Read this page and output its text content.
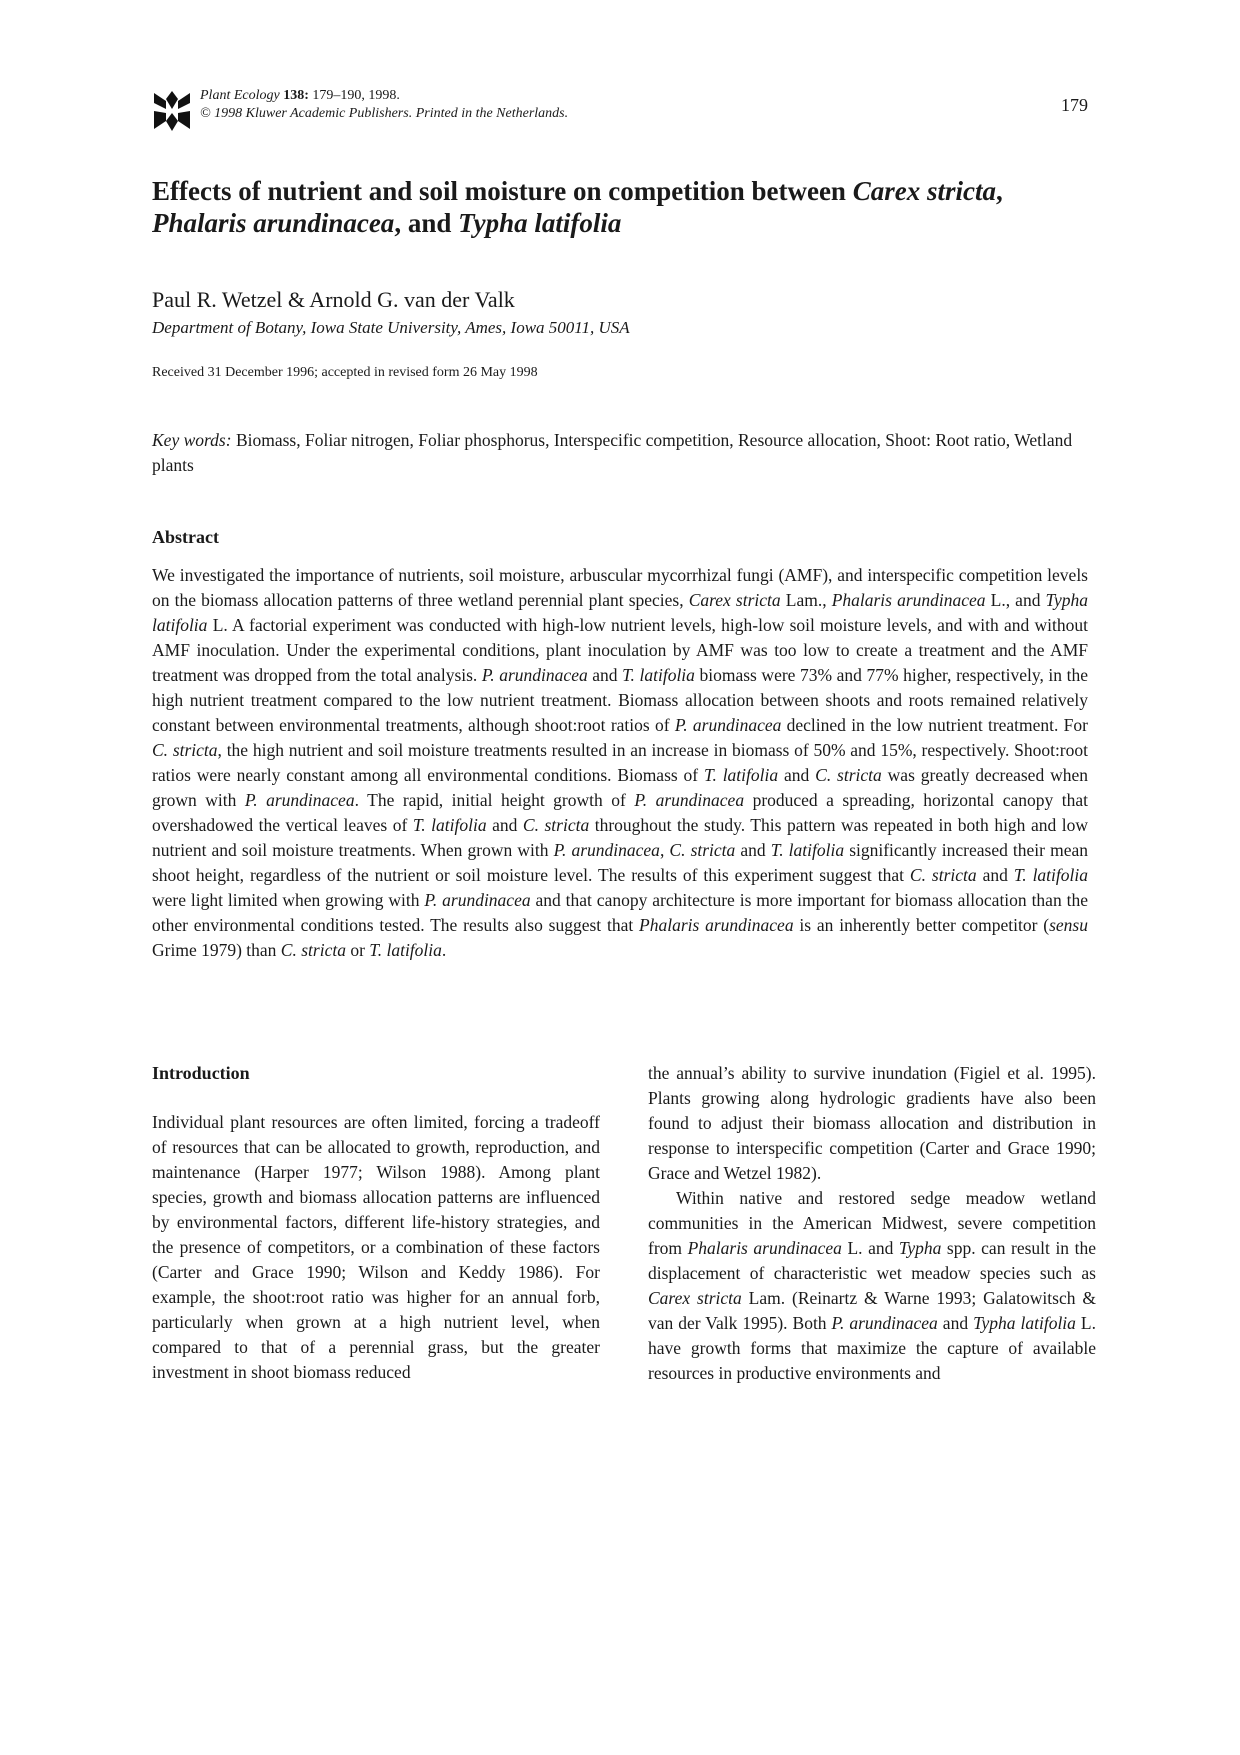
Plant Ecology 138: 179–190, 1998.
© 1998 Kluwer Academic Publishers. Printed in the Netherlands.	179
Effects of nutrient and soil moisture on competition between Carex stricta, Phalaris arundinacea, and Typha latifolia
Paul R. Wetzel & Arnold G. van der Valk
Department of Botany, Iowa State University, Ames, Iowa 50011, USA
Received 31 December 1996; accepted in revised form 26 May 1998
Key words: Biomass, Foliar nitrogen, Foliar phosphorus, Interspecific competition, Resource allocation, Shoot: Root ratio, Wetland plants
Abstract

We investigated the importance of nutrients, soil moisture, arbuscular mycorrhizal fungi (AMF), and interspecific competition levels on the biomass allocation patterns of three wetland perennial plant species, Carex stricta Lam., Phalaris arundinacea L., and Typha latifolia L. A factorial experiment was conducted with high-low nutrient levels, high-low soil moisture levels, and with and without AMF inoculation. Under the experimental conditions, plant inoculation by AMF was too low to create a treatment and the AMF treatment was dropped from the total analysis. P. arundinacea and T. latifolia biomass were 73% and 77% higher, respectively, in the high nutrient treatment compared to the low nutrient treatment. Biomass allocation between shoots and roots remained relatively constant between environmental treatments, although shoot:root ratios of P. arundinacea declined in the low nutrient treatment. For C. stricta, the high nutrient and soil moisture treatments resulted in an increase in biomass of 50% and 15%, respectively. Shoot:root ratios were nearly constant among all environmental conditions. Biomass of T. latifolia and C. stricta was greatly decreased when grown with P. arundinacea. The rapid, initial height growth of P. arundinacea produced a spreading, horizontal canopy that overshadowed the vertical leaves of T. latifolia and C. stricta throughout the study. This pattern was repeated in both high and low nutrient and soil moisture treatments. When grown with P. arundinacea, C. stricta and T. latifolia significantly increased their mean shoot height, regardless of the nutrient or soil moisture level. The results of this experiment suggest that C. stricta and T. latifolia were light limited when growing with P. arundinacea and that canopy architecture is more important for biomass allocation than the other environmental conditions tested. The results also suggest that Phalaris arundinacea is an inherently better competitor (sensu Grime 1979) than C. stricta or T. latifolia.

Introduction

Individual plant resources are often limited, forcing a tradeoff of resources that can be allocated to growth, reproduction, and maintenance (Harper 1977; Wilson 1988). Among plant species, growth and biomass allocation patterns are influenced by environmental factors, different life-history strategies, and the presence of competitors, or a combination of these factors (Carter and Grace 1990; Wilson and Keddy 1986). For example, the shoot:root ratio was higher for an annual forb, particularly when grown at a high nutrient level, when compared to that of a perennial grass, but the greater investment in shoot biomass reduced

the annual’s ability to survive inundation (Figiel et al. 1995). Plants growing along hydrologic gradients have also been found to adjust their biomass allocation and distribution in response to interspecific competition (Carter and Grace 1990; Grace and Wetzel 1982).

Within native and restored sedge meadow wetland communities in the American Midwest, severe competition from Phalaris arundinacea L. and Typha spp. can result in the displacement of characteristic wet meadow species such as Carex stricta Lam. (Reinartz & Warne 1993; Galatowitsch & van der Valk 1995). Both P. arundinacea and Typha latifolia L. have growth forms that maximize the capture of available resources in productive environments and
